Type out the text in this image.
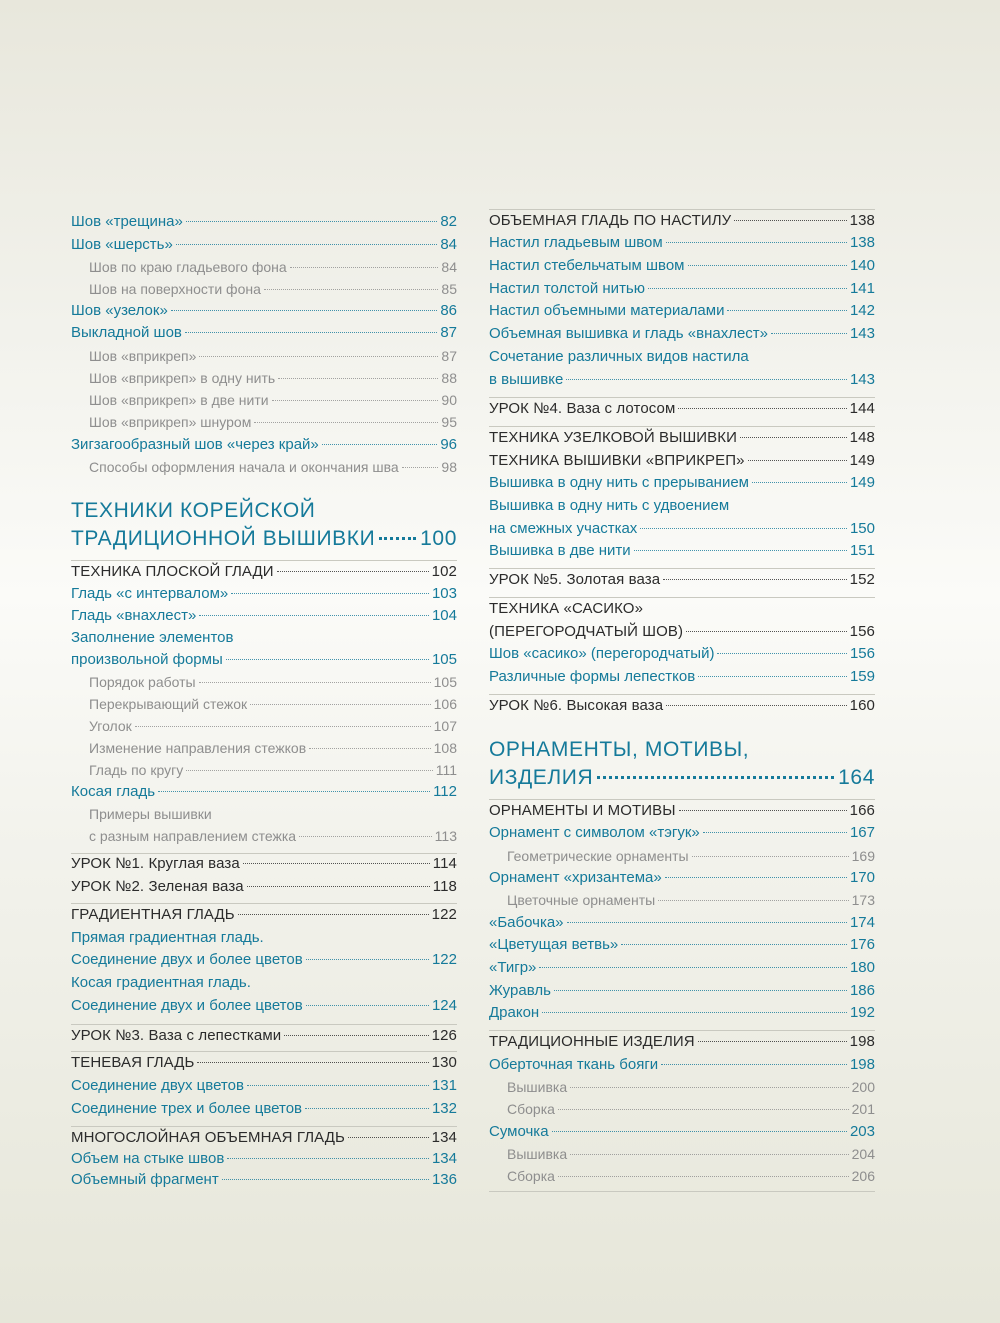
Шов «трещина»	82
Шов «шерсть»	84
Шов по краю гладьевого фона	84
Шов на поверхности фона	85
Шов «узелок»	86
Выкладной шов	87
Шов «вприкреп»	87
Шов «вприкреп» в одну нить	88
Шов «вприкреп» в две нити	90
Шов «вприкреп» шнуром	95
Зигзагообразный шов «через край»	96
Способы оформления начала и окончания шва	98
ТЕХНИКИ КОРЕЙСКОЙ
ТРАДИЦИОННОЙ ВЫШИВКИ 100
ТЕХНИКА ПЛОСКОЙ ГЛАДИ	102
Гладь «с интервалом»	103
Гладь «внахлест»	104
Заполнение элементов
произвольной формы	105
Порядок работы	105
Перекрывающий стежок	106
Уголок	107
Изменение направления стежков	108
Гладь по кругу	111
Косая гладь	112
Примеры вышивки
с разным направлением стежка	113
УРОК №1. Круглая ваза	114
УРОК №2. Зеленая ваза	118
ГРАДИЕНТНАЯ ГЛАДЬ	122
Прямая градиентная гладь.
Соединение двух и более цветов	122
Косая градиентная гладь.
Соединение двух и более цветов	124
УРОК №3. Ваза с лепестками	126
ТЕНЕВАЯ ГЛАДЬ	130
Соединение двух цветов	131
Соединение трех и более цветов	132
МНОГОСЛОЙНАЯ ОБЪЕМНАЯ ГЛАДЬ	134
Объем на стыке швов	134
Объемный фрагмент	136
ОБЪЕМНАЯ ГЛАДЬ ПО НАСТИЛУ	138
Настил гладьевым швом	138
Настил стебельчатым швом	140
Настил толстой нитью	141
Настил объемными материалами	142
Объемная вышивка и гладь «внахлест»	143
Сочетание различных видов настила
в вышивке	143
УРОК №4. Ваза с лотосом	144
ТЕХНИКА УЗЕЛКОВОЙ ВЫШИВКИ	148
ТЕХНИКА ВЫШИВКИ «ВПРИКРЕП»	149
Вышивка в одну нить с прерыванием	149
Вышивка в одну нить с удвоением
на смежных участках	150
Вышивка в две нити	151
УРОК №5. Золотая ваза	152
ТЕХНИКА «САСИКО»
(ПЕРЕГОРОДЧАТЫЙ ШОВ)	156
Шов «сасико» (перегородчатый)	156
Различные формы лепестков	159
УРОК №6. Высокая ваза	160
ОРНАМЕНТЫ, МОТИВЫ,
ИЗДЕЛИЯ	164
ОРНАМЕНТЫ И МОТИВЫ	166
Орнамент с символом «тэгук»	167
Геометрические орнаменты	169
Орнамент «хризантема»	170
Цветочные орнаменты	173
«Бабочка»	174
«Цветущая ветвь»	176
«Тигр»	180
Журавль	186
Дракон	192
ТРАДИЦИОННЫЕ ИЗДЕЛИЯ	198
Оберточная ткань бояги	198
Вышивка	200
Сборка	201
Сумочка	203
Вышивка	204
Сборка	206
